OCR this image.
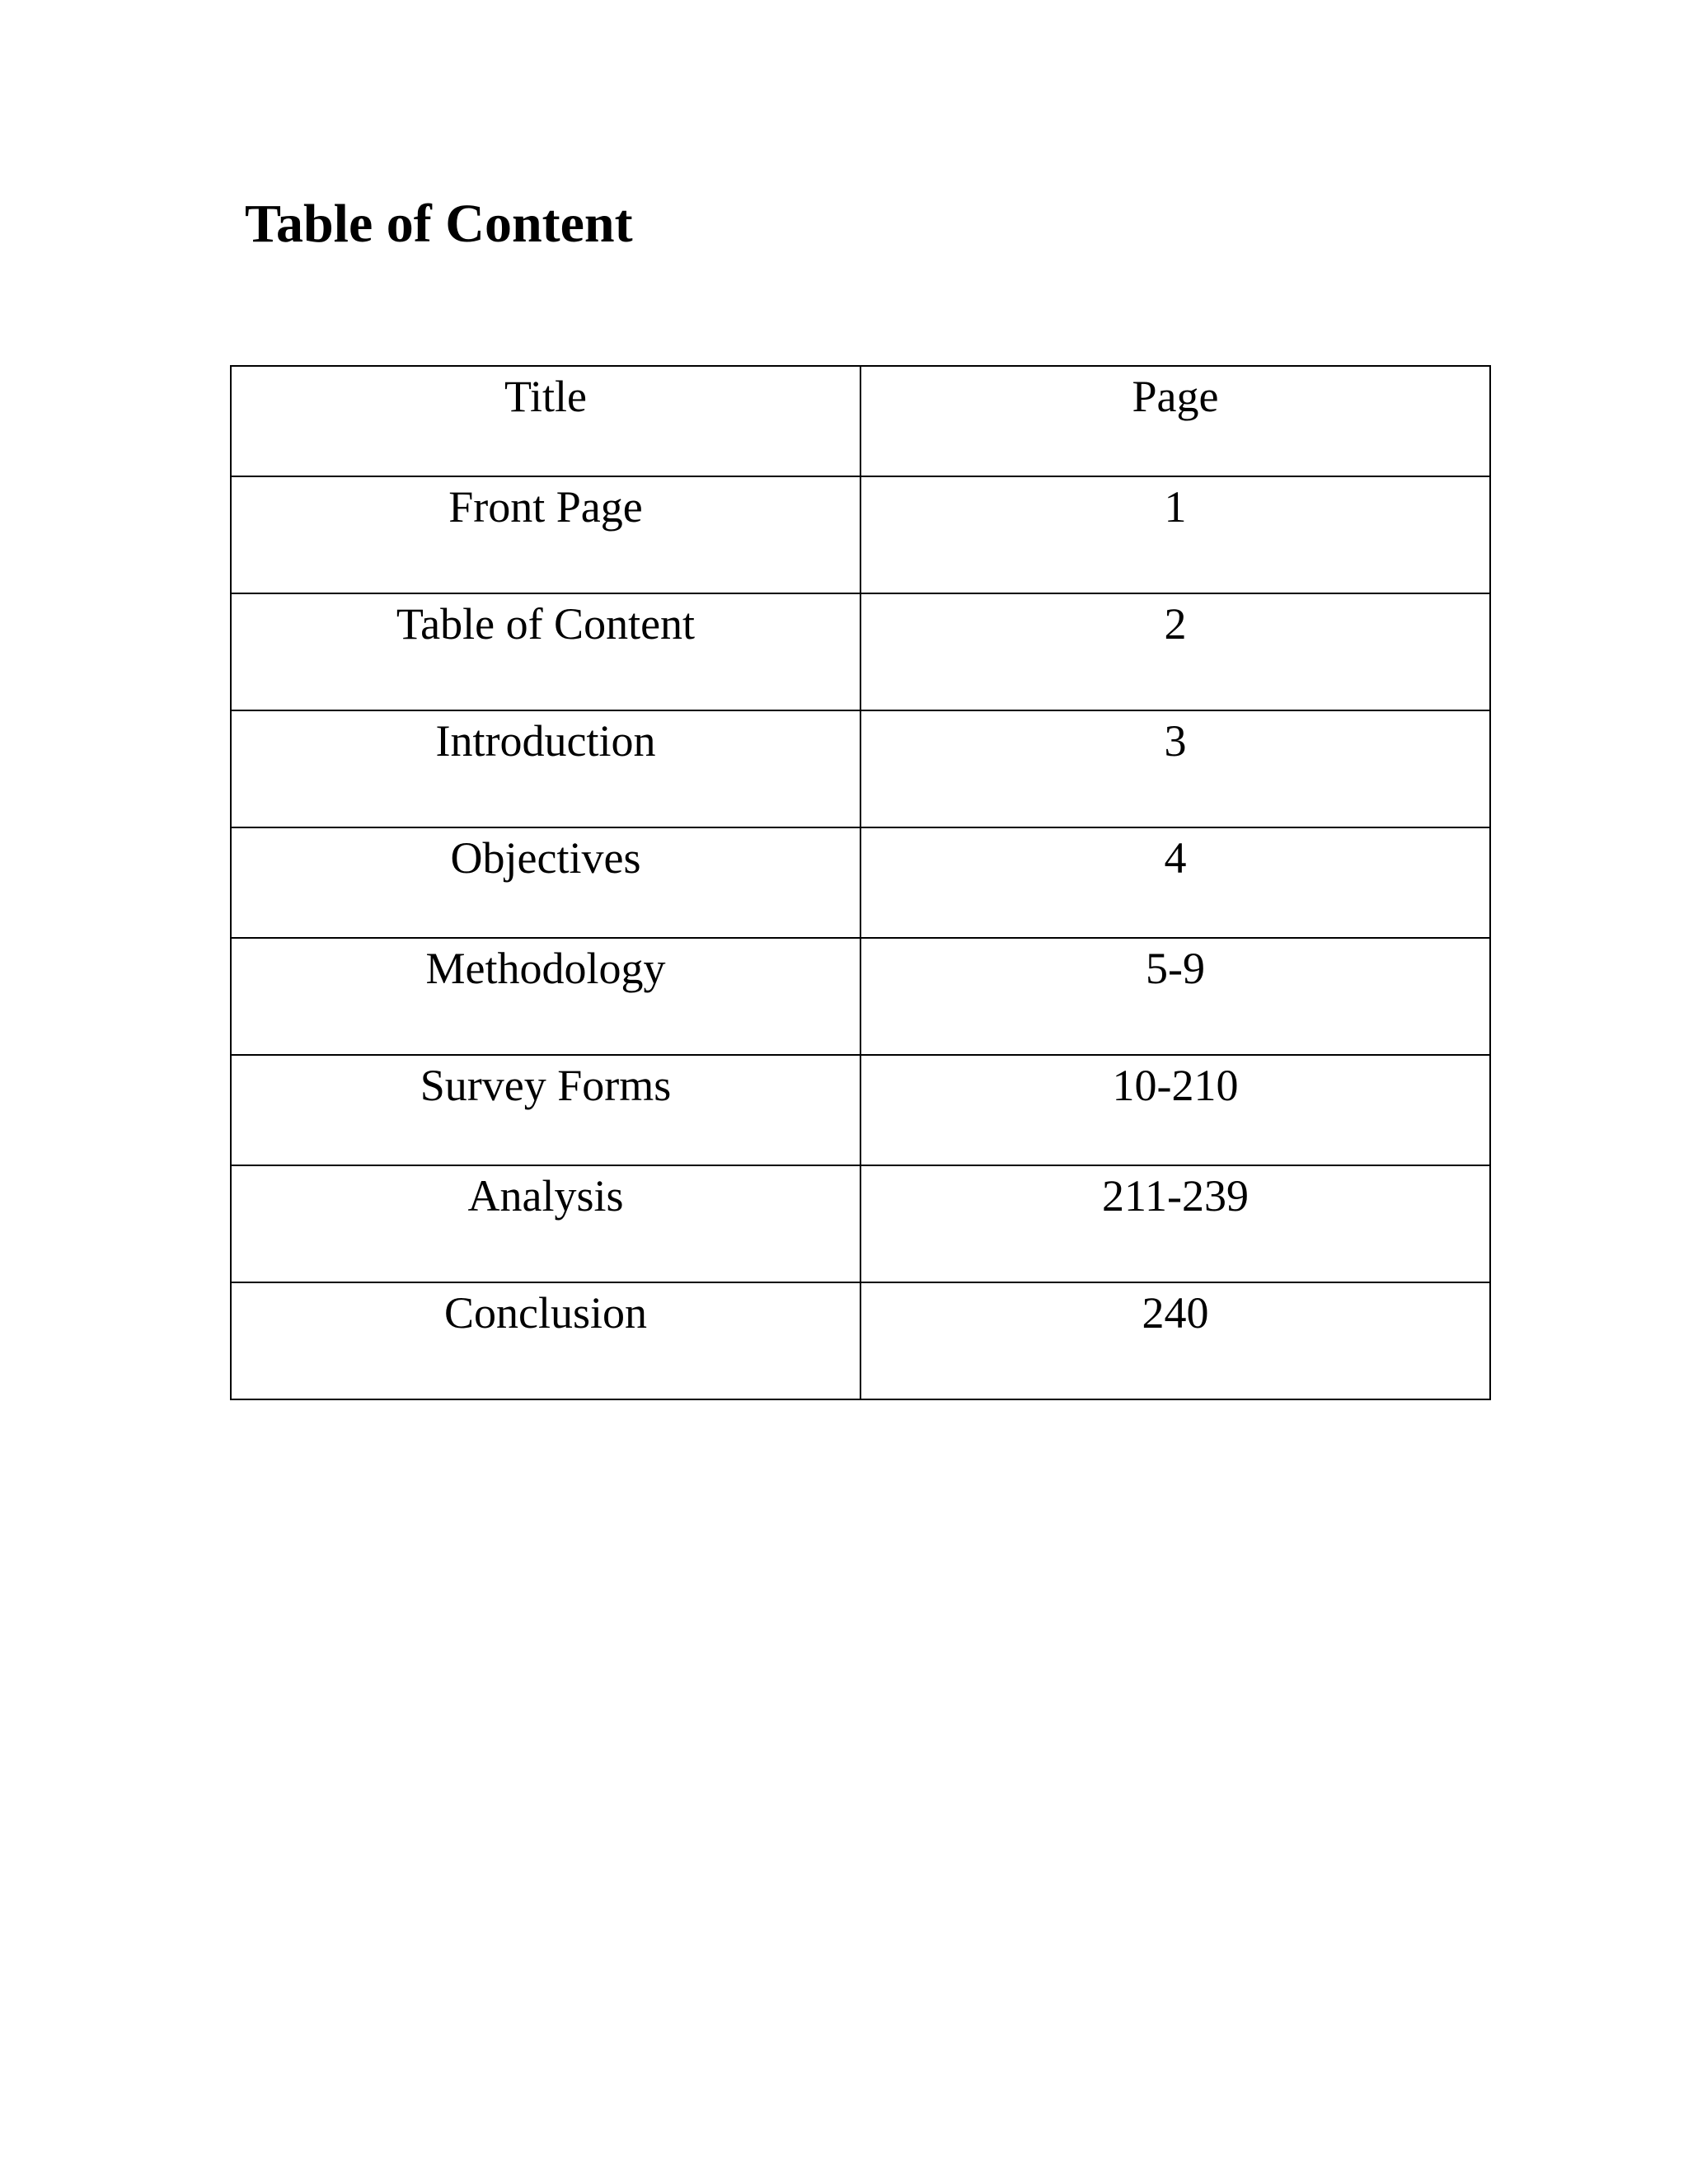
Table of Content
Title	Page

Front Page	1

Table of Content	2

Introduction	3

Objectives	4

Methodology	5-9

Survey Forms	10-210

Analysis	211-239

Conclusion	240
